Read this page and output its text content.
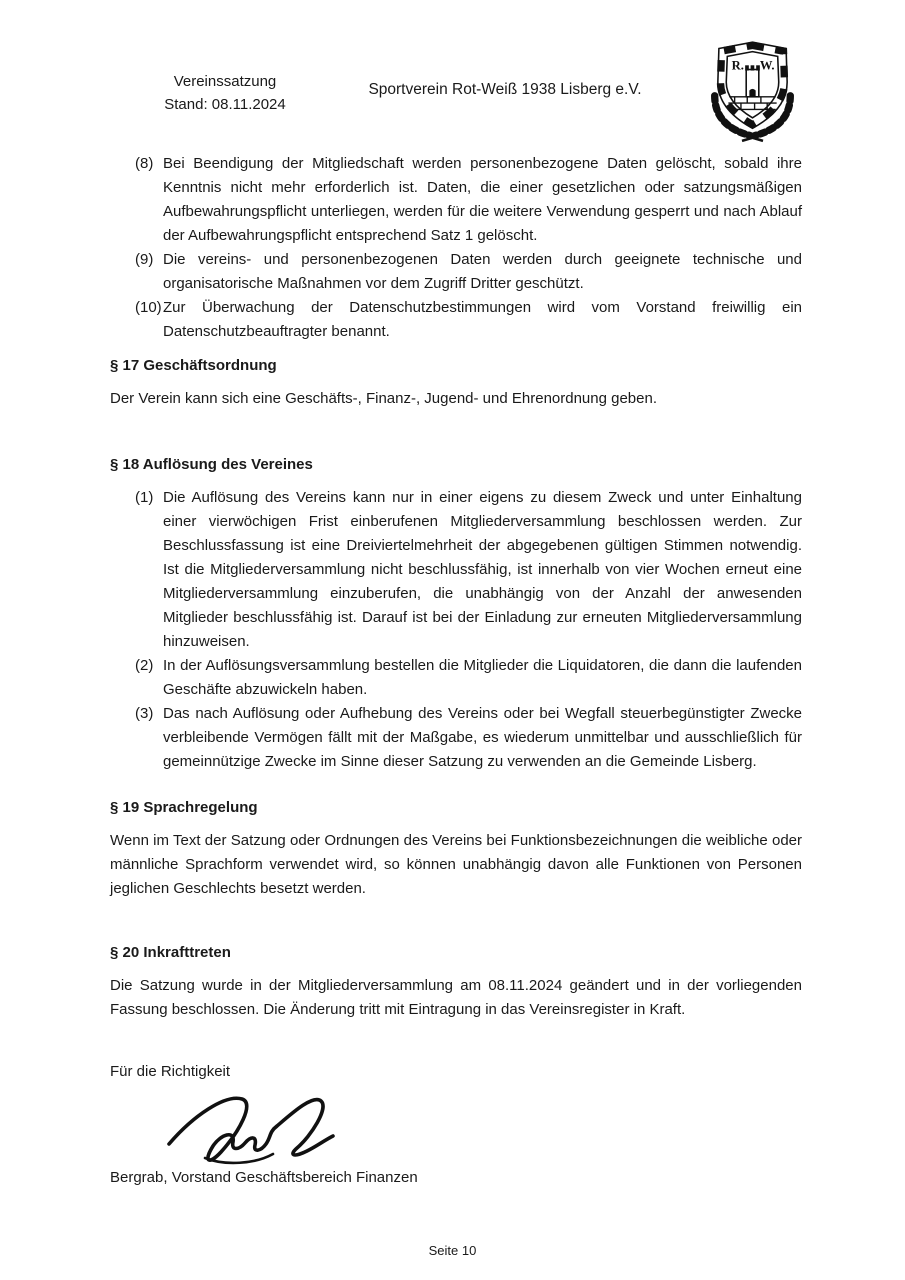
Vereinssatzung
Stand: 08.11.2024
Sportverein Rot-Weiß 1938 Lisberg e.V.
R. W.
(8) Bei Beendigung der Mitgliedschaft werden personenbezogene Daten gelöscht, sobald ihre Kenntnis nicht mehr erforderlich ist. Daten, die einer gesetzlichen oder satzungsmäßigen Aufbewahrungspflicht unterliegen, werden für die weitere Verwendung gesperrt und nach Ablauf der Aufbewahrungspflicht entsprechend Satz 1 gelöscht.
(9) Die vereins- und personenbezogenen Daten werden durch geeignete technische und organisatorische Maßnahmen vor dem Zugriff Dritter geschützt.
(10) Zur Überwachung der Datenschutzbestimmungen wird vom Vorstand freiwillig ein Datenschutzbeauftragter benannt.
§ 17 Geschäftsordnung

Der Verein kann sich eine Geschäfts-, Finanz-, Jugend- und Ehrenordnung geben.

§ 18 Auflösung des Vereines
(1) Die Auflösung des Vereins kann nur in einer eigens zu diesem Zweck und unter Einhaltung einer vierwöchigen Frist einberufenen Mitgliederversammlung beschlossen werden. Zur Beschlussfassung ist eine Dreiviertelmehrheit der abgegebenen gültigen Stimmen notwendig. Ist die Mitgliederversammlung nicht beschlussfähig, ist innerhalb von vier Wochen erneut eine Mitgliederversammlung einzuberufen, die unabhängig von der Anzahl der anwesenden Mitglieder beschlussfähig ist. Darauf ist bei der Einladung zur erneuten Mitgliederversammlung hinzuweisen.
(2) In der Auflösungsversammlung bestellen die Mitglieder die Liquidatoren, die dann die laufenden Geschäfte abzuwickeln haben.
(3) Das nach Auflösung oder Aufhebung des Vereins oder bei Wegfall steuerbegünstigter Zwecke verbleibende Vermögen fällt mit der Maßgabe, es wiederum unmittelbar und ausschließlich für gemeinnützige Zwecke im Sinne dieser Satzung zu verwenden an die Gemeinde Lisberg.
§ 19 Sprachregelung

Wenn im Text der Satzung oder Ordnungen des Vereins bei Funktionsbezeichnungen die weibliche oder männliche Sprachform verwendet wird, so können unabhängig davon alle Funktionen von Personen jeglichen Geschlechts besetzt werden.

§ 20 Inkrafttreten

Die Satzung wurde in der Mitgliederversammlung am 08.11.2024 geändert und in der vorliegenden Fassung beschlossen. Die Änderung tritt mit Eintragung in das Vereinsregister in Kraft.

Für die Richtigkeit

Bergrab, Vorstand Geschäftsbereich Finanzen

Seite 10
